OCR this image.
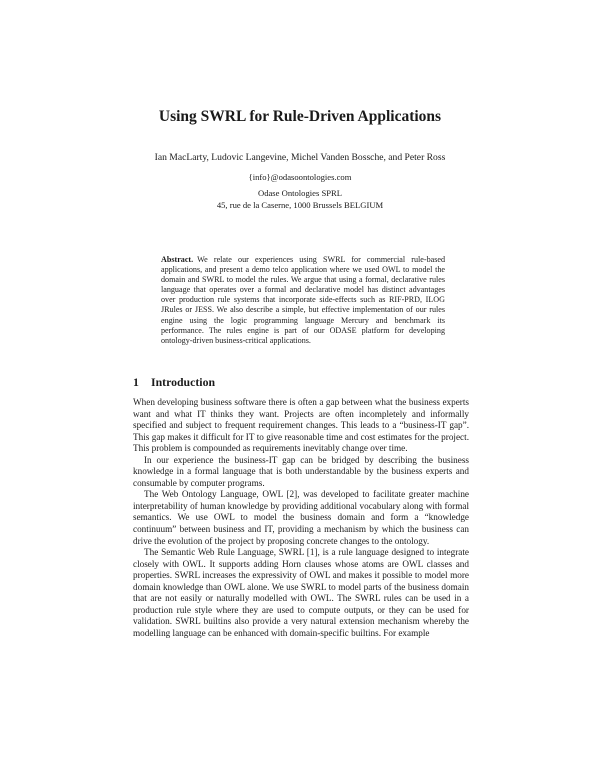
Using SWRL for Rule-Driven Applications

Ian MacLarty, Ludovic Langevine, Michel Vanden Bossche, and Peter Ross

{info}@odasoontologies.com

Odase Ontologies SPRL
45, rue de la Caserne, 1000 Brussels BELGIUM
Abstract. We relate our experiences using SWRL for commercial rule-based applications, and present a demo telco application where we used OWL to model the domain and SWRL to model the rules. We argue that using a formal, declarative rules language that operates over a formal and declarative model has distinct advantages over production rule systems that incorporate side-effects such as RIF-PRD, ILOG JRules or JESS. We also describe a simple, but effective implementation of our rules engine using the logic programming language Mercury and benchmark its performance. The rules engine is part of our ODASE platform for developing ontology-driven business-critical applications.
1 Introduction

When developing business software there is often a gap between what the business experts want and what IT thinks they want. Projects are often incompletely and informally specified and subject to frequent requirement changes. This leads to a “business-IT gap”. This gap makes it difficult for IT to give reasonable time and cost estimates for the project. This problem is compounded as requirements inevitably change over time.

In our experience the business-IT gap can be bridged by describing the business knowledge in a formal language that is both understandable by the business experts and consumable by computer programs.

The Web Ontology Language, OWL [2], was developed to facilitate greater machine interpretability of human knowledge by providing additional vocabulary along with formal semantics. We use OWL to model the business domain and form a “knowledge continuum” between business and IT, providing a mechanism by which the business can drive the evolution of the project by proposing concrete changes to the ontology.

The Semantic Web Rule Language, SWRL [1], is a rule language designed to integrate closely with OWL. It supports adding Horn clauses whose atoms are OWL classes and properties. SWRL increases the expressivity of OWL and makes it possible to model more domain knowledge than OWL alone. We use SWRL to model parts of the business domain that are not easily or naturally modelled with OWL. The SWRL rules can be used in a production rule style where they are used to compute outputs, or they can be used for validation. SWRL builtins also provide a very natural extension mechanism whereby the modelling language can be enhanced with domain-specific builtins. For example
